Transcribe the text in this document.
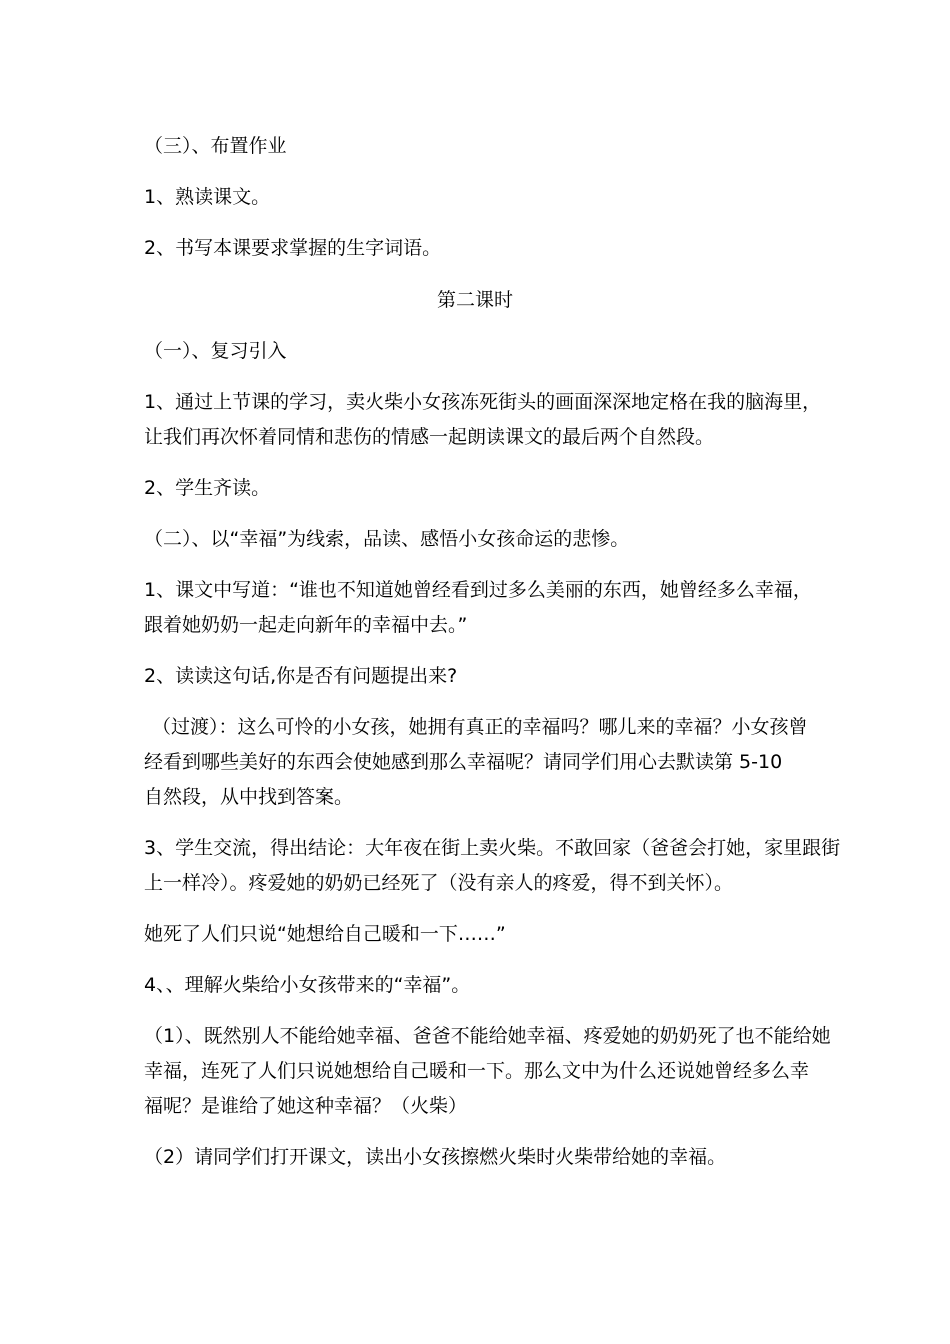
（三）、布置作业
1、熟读课文。
2、书写本课要求掌握的生字词语。
第二课时
（一）、复习引入
1、通过上节课的学习，卖火柴小女孩冻死街头的画面深深地定格在我的脑海里，
让我们再次怀着同情和悲伤的情感一起朗读课文的最后两个自然段。
2、学生齐读。
（二）、以“幸福”为线索，品读、感悟小女孩命运的悲惨。
1、课文中写道：“谁也不知道她曾经看到过多么美丽的东西，她曾经多么幸福，
跟着她奶奶一起走向新年的幸福中去。”
2、读读这句话,你是否有问题提出来?
（过渡）：这么可怜的小女孩，她拥有真正的幸福吗？哪儿来的幸福？小女孩曾
经看到哪些美好的东西会使她感到那么幸福呢？请同学们用心去默读第 5-10
自然段，从中找到答案。
3、学生交流，得出结论：大年夜在街上卖火柴。不敢回家（爸爸会打她，家里跟街
上一样冷）。疼爱她的奶奶已经死了（没有亲人的疼爱，得不到关怀）。
她死了人们只说“她想给自己暖和一下……”
4、、理解火柴给小女孩带来的“幸福”。
（1）、既然别人不能给她幸福、爸爸不能给她幸福、疼爱她的奶奶死了也不能给她
幸福，连死了人们只说她想给自己暖和一下。那么文中为什么还说她曾经多么幸
福呢？是谁给了她这种幸福？（火柴）
（2）请同学们打开课文，读出小女孩擦燃火柴时火柴带给她的幸福。
